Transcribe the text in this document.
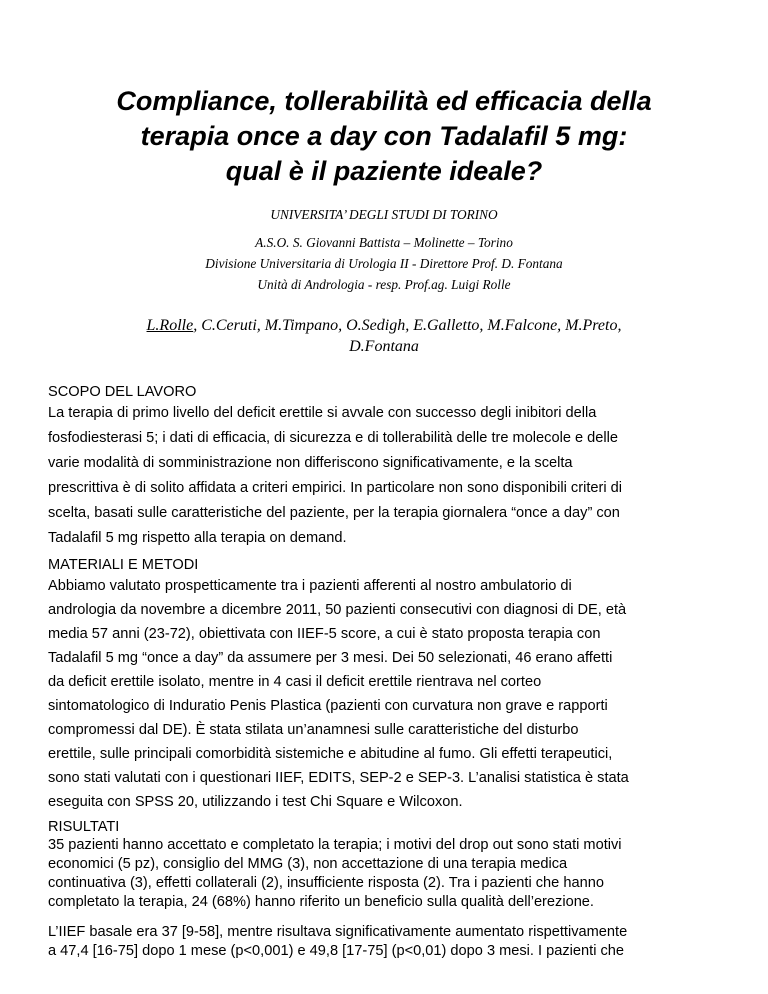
Compliance, tollerabilità ed efficacia della
terapia once a day con Tadalafil 5 mg:
qual è il paziente ideale?
UNIVERSITA’ DEGLI STUDI DI TORINO
A.S.O. S. Giovanni Battista – Molinette – Torino
Divisione Universitaria di Urologia II - Direttore Prof. D. Fontana
Unità di Andrologia - resp. Prof.ag. Luigi Rolle
L.Rolle, C.Ceruti, M.Timpano, O.Sedigh, E.Galletto, M.Falcone, M.Preto,
D.Fontana
SCOPO DEL LAVORO
La terapia di primo livello del deficit erettile si avvale con successo degli inibitori della
fosfodiesterasi 5; i dati di efficacia, di sicurezza e di tollerabilità delle tre molecole e delle
varie modalità di somministrazione non differiscono significativamente, e la scelta
prescrittiva è di solito affidata a criteri empirici. In particolare non sono disponibili criteri di
scelta, basati sulle caratteristiche del paziente, per la terapia giornalera “once a day” con
Tadalafil 5 mg rispetto alla terapia on demand.
MATERIALI E METODI
Abbiamo valutato prospetticamente tra i pazienti afferenti al nostro ambulatorio di
andrologia da novembre a dicembre 2011, 50 pazienti consecutivi con diagnosi di DE, età
media 57 anni (23-72), obiettivata con IIEF-5 score, a cui è stato proposta terapia con
Tadalafil 5 mg “once a day” da assumere per 3 mesi. Dei 50 selezionati, 46 erano affetti
da deficit erettile isolato, mentre in 4 casi il deficit erettile rientrava nel corteo
sintomatologico di Induratio Penis Plastica (pazienti con curvatura non grave e rapporti
compromessi dal DE). È stata stilata un’anamnesi sulle caratteristiche del disturbo
erettile, sulle principali comorbidità sistemiche e abitudine al fumo. Gli effetti terapeutici,
sono stati valutati con i questionari IIEF, EDITS, SEP-2 e SEP-3. L’analisi statistica è stata
eseguita con SPSS 20, utilizzando i test Chi Square e Wilcoxon.
RISULTATI
35 pazienti hanno accettato e completato la terapia; i motivi del drop out sono stati motivi
economici (5 pz), consiglio del MMG (3), non accettazione di una terapia medica
continuativa (3), effetti collaterali (2), insufficiente risposta (2). Tra i pazienti che hanno
completato la terapia, 24 (68%) hanno riferito un beneficio sulla qualità dell’erezione.
L’IIEF basale era 37 [9-58], mentre risultava significativamente aumentato rispettivamente
a 47,4 [16-75] dopo 1 mese (p<0,001) e 49,8 [17-75] (p<0,01) dopo 3 mesi. I pazienti che
